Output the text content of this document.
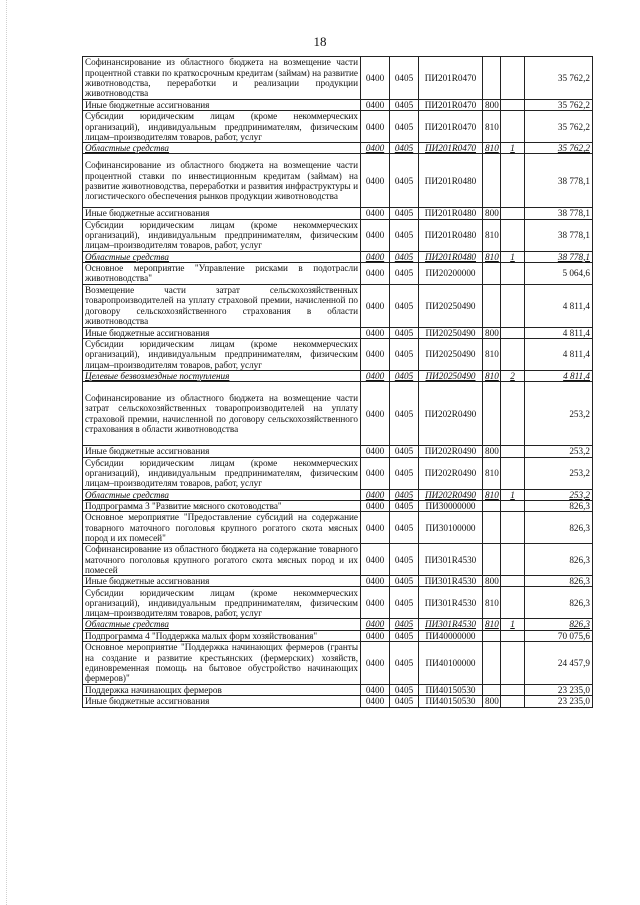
18
Софинансирование из областного бюджета на возмещение части процентной ставки по краткосрочным кредитам (займам) на развитие животноводства, переработки и реализации продукции животноводства	0400	0405	ПИ201R0470			35 762,2
Иные бюджетные ассигнования	0400	0405	ПИ201R0470	800		35 762,2
Субсидии юридическим лицам (кроме некоммерческих организаций), индивидуальным предпринимателям, физическим лицам–производителям товаров, работ, услуг	0400	0405	ПИ201R0470	810		35 762,2
Областные средства	0400	0405	ПИ201R0470	810	1	35 762,2
Софинансирование из областного бюджета на возмещение части процентной ставки по инвестиционным кредитам (займам) на развитие животноводства, переработки и развития инфраструктуры и логистического обеспечения рынков продукции животноводства	0400	0405	ПИ201R0480			38 778,1
Иные бюджетные ассигнования	0400	0405	ПИ201R0480	800		38 778,1
Субсидии юридическим лицам (кроме некоммерческих организаций), индивидуальным предпринимателям, физическим лицам–производителям товаров, работ, услуг	0400	0405	ПИ201R0480	810		38 778,1
Областные средства	0400	0405	ПИ201R0480	810	1	38 778,1
Основное мероприятие "Управление рисками в подотрасли животноводства"	0400	0405	ПИ20200000			5 064,6
Возмещение части затрат сельскохозяйственных товаропроизводителей на уплату страховой премии, начисленной по договору сельскохозяйственного страхования в области животноводства	0400	0405	ПИ20250490			4 811,4
Иные бюджетные ассигнования	0400	0405	ПИ20250490	800		4 811,4
Субсидии юридическим лицам (кроме некоммерческих организаций), индивидуальным предпринимателям, физическим лицам–производителям товаров, работ, услуг	0400	0405	ПИ20250490	810		4 811,4
Целевые безвозмездные поступления	0400	0405	ПИ20250490	810	2	4 811,4
Софинансирование из областного бюджета на возмещение части затрат сельскохозяйственных товаропроизводителей на уплату страховой премии, начисленной по договору сельскохозяйственного страхования в области животноводства	0400	0405	ПИ202R0490			253,2
Иные бюджетные ассигнования	0400	0405	ПИ202R0490	800		253,2
Субсидии юридическим лицам (кроме некоммерческих организаций), индивидуальным предпринимателям, физическим лицам–производителям товаров, работ, услуг	0400	0405	ПИ202R0490	810		253,2
Областные средства	0400	0405	ПИ202R0490	810	1	253,2
Подпрограмма 3 "Развитие мясного скотоводства"	0400	0405	ПИ30000000			826,3
Основное мероприятие "Предоставление субсидий на содержание товарного маточного поголовья крупного рогатого скота мясных пород и их помесей"	0400	0405	ПИ30100000			826,3
Софинансирование из областного бюджета на содержание товарного маточного поголовья крупного рогатого скота мясных пород и их помесей	0400	0405	ПИ301R4530			826,3
Иные бюджетные ассигнования	0400	0405	ПИ301R4530	800		826,3
Субсидии юридическим лицам (кроме некоммерческих организаций), индивидуальным предпринимателям, физическим лицам–производителям товаров, работ, услуг	0400	0405	ПИ301R4530	810		826,3
Областные средства	0400	0405	ПИ301R4530	810	1	826,3
Подпрограмма 4 "Поддержка малых форм хозяйствования"	0400	0405	ПИ40000000			70 075,6
Основное мероприятие "Поддержка начинающих фермеров (гранты на создание и развитие крестьянских (фермерских) хозяйств, единовременная помощь на бытовое обустройство начинающих фермеров)"	0400	0405	ПИ40100000			24 457,9
Поддержка начинающих фермеров	0400	0405	ПИ40150530			23 235,0
Иные бюджетные ассигнования	0400	0405	ПИ40150530	800		23 235,0
